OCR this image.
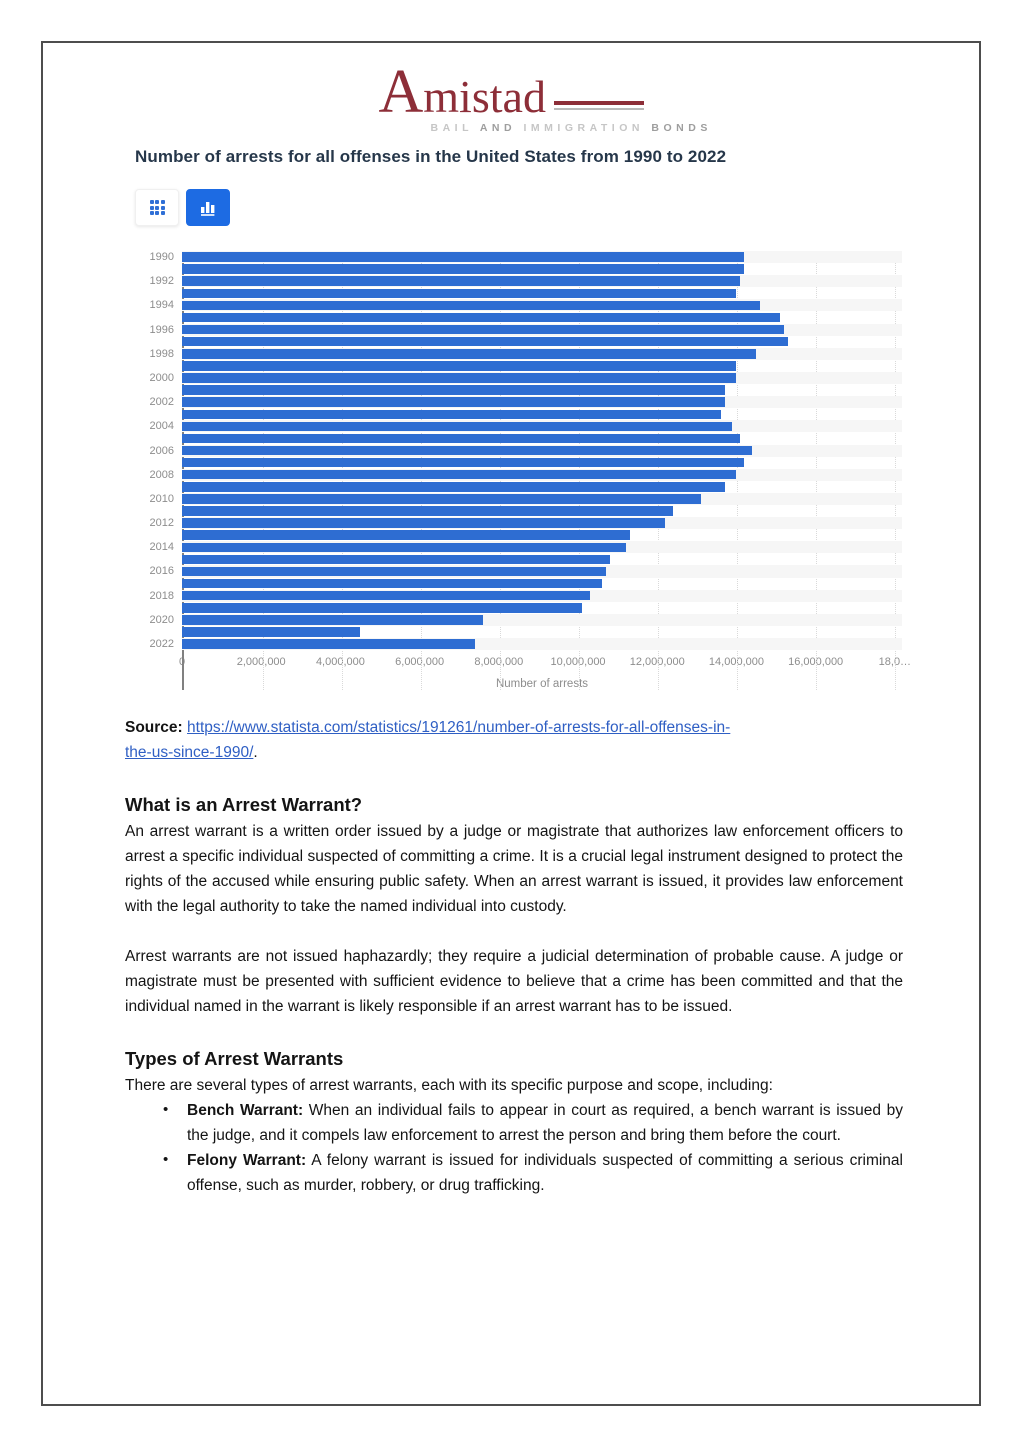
Amistad
BAIL AND IMMIGRATION BONDS
Number of arrests for all offenses in the United States from 1990 to 2022
1990
1992
1994
1996
1998
2000
2002
2004
2006
2008
2010
2012
2014
2016
2018
2020
2022
0	2,000,000	4,000,000	6,000,000	8,000,000 10,000,000 12,000,000 14,000,000 16,000,000	18,0…
Number of arrests

Source: https://www.statista.com/statistics/191261/number-of-arrests-for-all-offenses-in-
the-us-since-1990/.

What is an Arrest Warrant?

An arrest warrant is a written order issued by a judge or magistrate that authorizes law enforcement officers to arrest a specific individual suspected of committing a crime. It is a crucial legal instrument designed to protect the rights of the accused while ensuring public safety. When an arrest warrant is issued, it provides law enforcement with the legal authority to take the named individual into custody.

Arrest warrants are not issued haphazardly; they require a judicial determination of probable cause. A judge or magistrate must be presented with sufficient evidence to believe that a crime has been committed and that the individual named in the warrant is likely responsible if an arrest warrant has to be issued.

Types of Arrest Warrants

There are several types of arrest warrants, each with its specific purpose and scope, including:

• Bench Warrant: When an individual fails to appear in court as required, a bench warrant is issued by the judge, and it compels law enforcement to arrest the person and bring them before the court.
• Felony Warrant: A felony warrant is issued for individuals suspected of committing a serious criminal offense, such as murder, robbery, or drug trafficking.
